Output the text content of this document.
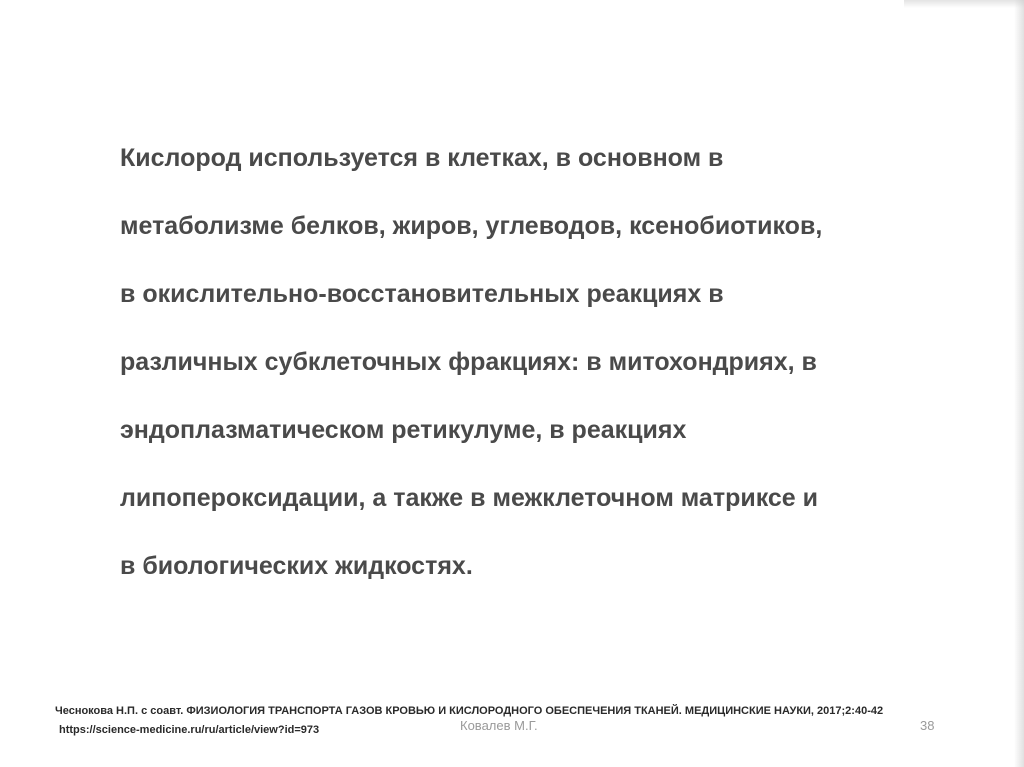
Кислород используется в клетках, в основном в
метаболизме белков, жиров, углеводов, ксенобиотиков,
в окислительно-восстановительных реакциях в
различных субклеточных фракциях: в митохондриях, в
эндоплазматическом ретикулуме, в реакциях
липопероксидации, а также в межклеточном матриксе и
в биологических жидкостях.
Чеснокова Н.П. с соавт. ФИЗИОЛОГИЯ ТРАНСПОРТА ГАЗОВ КРОВЬЮ И КИСЛОРОДНОГО ОБЕСПЕЧЕНИЯ ТКАНЕЙ. МЕДИЦИНСКИЕ НАУКИ, 2017;2:40-42
https://science-medicine.ru/ru/article/view?id=973	Ковалев М.Г.	38
